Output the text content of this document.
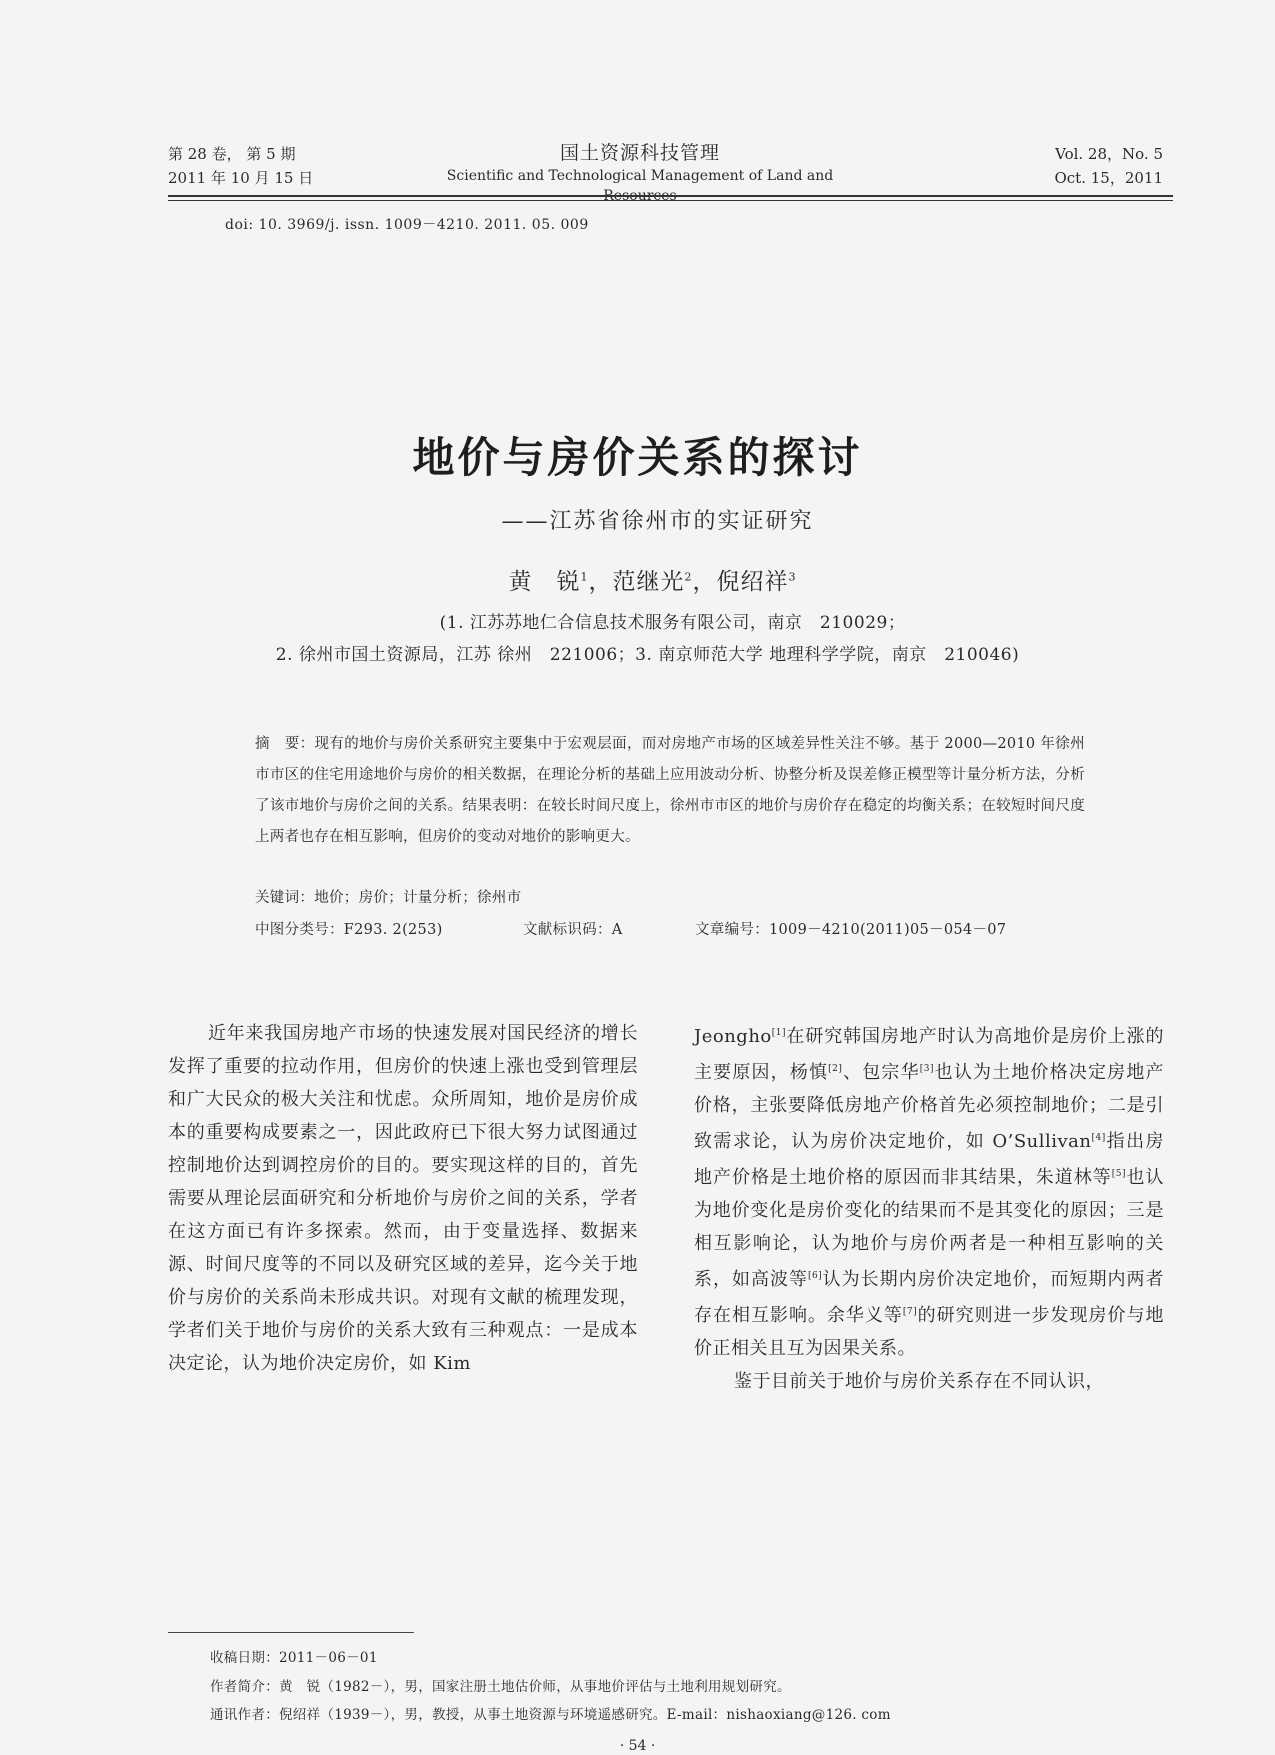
第 28 卷， 第 5 期
2011 年 10 月 15 日
国土资源科技管理
Scientific and Technological Management of Land and Resources
Vol. 28，No. 5
Oct. 15，2011
doi: 10. 3969/j. issn. 1009－4210. 2011. 05. 009
地价与房价关系的探讨
——江苏省徐州市的实证研究
黄　锐$^1$，范继光$^2$，倪绍祥$^3$
(1. 江苏苏地仁合信息技术服务有限公司，南京　210029；
2. 徐州市国土资源局，江苏 徐州　221006；3. 南京师范大学 地理科学学院，南京　210046)
摘　要：现有的地价与房价关系研究主要集中于宏观层面，而对房地产市场的区域差异性关注不够。基于 2000—2010 年徐州市市区的住宅用途地价与房价的相关数据，在理论分析的基础上应用波动分析、协整分析及误差修正模型等计量分析方法，分析了该市地价与房价之间的关系。结果表明：在较长时间尺度上，徐州市市区的地价与房价存在稳定的均衡关系；在较短时间尺度上两者也存在相互影响，但房价的变动对地价的影响更大。
关键词：地价；房价；计量分析；徐州市
中图分类号：F293. 2(253)	文献标识码：A	文章编号：1009－4210(2011)05－054－07

近年来我国房地产市场的快速发展对国民经济的增长发挥了重要的拉动作用，但房价的快速上涨也受到管理层和广大民众的极大关注和忧虑。众所周知，地价是房价成本的重要构成要素之一，因此政府已下很大努力试图通过控制地价达到调控房价的目的。要实现这样的目的，首先需要从理论层面研究和分析地价与房价之间的关系，学者在这方面已有许多探索。然而，由于变量选择、数据来源、时间尺度等的不同以及研究区域的差异，迄今关于地价与房价的关系尚未形成共识。对现有文献的梳理发现，学者们关于地价与房价的关系大致有三种观点：一是成本决定论，认为地价决定房价，如 Kim

Jeongho[1]在研究韩国房地产时认为高地价是房价上涨的主要原因，杨慎[2]、包宗华[3]也认为土地价格决定房地产价格，主张要降低房地产价格首先必须控制地价；二是引致需求论，认为房价决定地价，如 O’Sullivan[4]指出房地产价格是土地价格的原因而非其结果，朱道林等[5]也认为地价变化是房价变化的结果而不是其变化的原因；三是相互影响论，认为地价与房价两者是一种相互影响的关系，如高波等[6]认为长期内房价决定地价，而短期内两者存在相互影响。余华义等[7]的研究则进一步发现房价与地价正相关且互为因果关系。

鉴于目前关于地价与房价关系存在不同认识，

收稿日期：2011－06－01
作者简介：黄　锐（1982－），男，国家注册土地估价师，从事地价评估与土地利用规划研究。
通讯作者：倪绍祥（1939－），男，教授，从事土地资源与环境遥感研究。E-mail：nishaoxiang@126. com
· 54 ·
